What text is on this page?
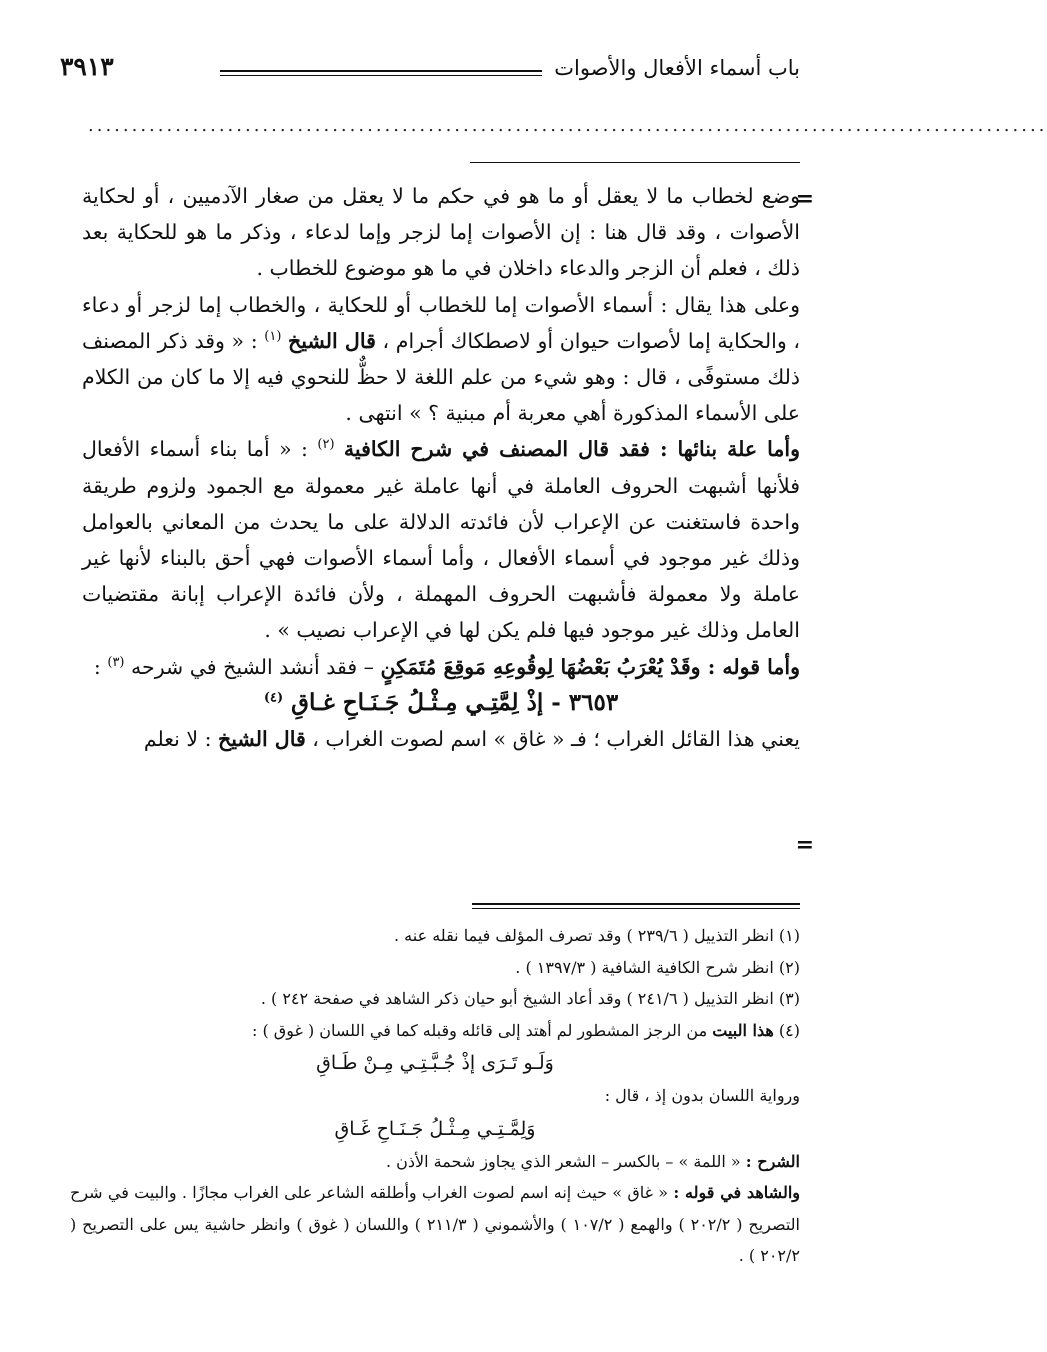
باب أسماء الأفعال والأصوات
٣٩١٣
..............................................................................................................
=
=

وضع لخطاب ما لا يعقل أو ما هو في حكم ما لا يعقل من صغار الآدميين ، أو لحكاية الأصوات ، وقد قال هنا : إن الأصوات إما لزجر وإما لدعاء ، وذكر ما هو للحكاية بعد ذلك ، فعلم أن الزجر والدعاء داخلان في ما هو موضوع للخطاب .

وعلى هذا يقال : أسماء الأصوات إما للخطاب أو للحكاية ، والخطاب إما لزجر أو دعاء ، والحكاية إما لأصوات حيوان أو لاصطكاك أجرام ، قال الشيخ $^{(١)}$ : « وقد ذكر المصنف ذلك مستوفًى ، قال : وهو شيء من علم اللغة لا حظٌّ للنحوي فيه إلا ما كان من الكلام على الأسماء المذكورة أهي معربة أم مبنية ؟ » انتهى .

وأما علة بنائها : فقد قال المصنف في شرح الكافية $^{(٢)}$ : « أما بناء أسماء الأفعال فلأنها أشبهت الحروف العاملة في أنها عاملة غير معمولة مع الجمود ولزوم طريقة واحدة فاستغنت عن الإعراب لأن فائدته الدلالة على ما يحدث من المعاني بالعوامل وذلك غير موجود في أسماء الأفعال ، وأما أسماء الأصوات فهي أحق بالبناء لأنها غير عاملة ولا معمولة فأشبهت الحروف المهملة ، ولأن فائدة الإعراب إبانة مقتضيات العامل وذلك غير موجود فيها فلم يكن لها في الإعراب نصيب » .

وأما قوله : وقَدْ يُعْرَبُ بَعْضُهَا لِوقُوعِهِ مَوقِعَ مُتَمَكِنٍ – فقد أنشد الشيخ في شرحه $^{(٣)}$ :

٣٦٥٣ - إذْ لِمَّتِـي مِـثْـلُ جَـنَـاحِ غـاقِ $^{(٤)}$

يعني هذا القائل الغراب ؛ فـ « غاق » اسم لصوت الغراب ، قال الشيخ : لا نعلم

(١) انظر التذييل ( ٢٣٩/٦ ) وقد تصرف المؤلف فيما نقله عنه .

(٢) انظر شرح الكافية الشافية ( ١٣٩٧/٣ ) .

(٣) انظر التذييل ( ٢٤١/٦ ) وقد أعاد الشيخ أبو حيان ذكر الشاهد في صفحة ٢٤٢ ) .

(٤) هذا البيت من الرجز المشطور لم أهتد إلى قائله وقبله كما في اللسان ( غوق ) :

وَلَـو تَـرَى إذْ جُـبَّـتِـي مِـنْ طَـاقِ

ورواية اللسان بدون إذ ، قال :

وَلِمَّـتِـي مِـثْـلُ جَـنَـاحِ غَـاقِ

الشرح : « اللمة » – بالكسر – الشعر الذي يجاوز شحمة الأذن .

والشاهد في قوله : « غاق » حيث إنه اسم لصوت الغراب وأطلقه الشاعر على الغراب مجازًا . والبيت في شرح التصريح ( ٢٠٢/٢ ) والهمع ( ١٠٧/٢ ) والأشموني ( ٢١١/٣ ) واللسان ( غوق ) وانظر حاشية يس على التصريح ( ٢٠٢/٢ ) .
